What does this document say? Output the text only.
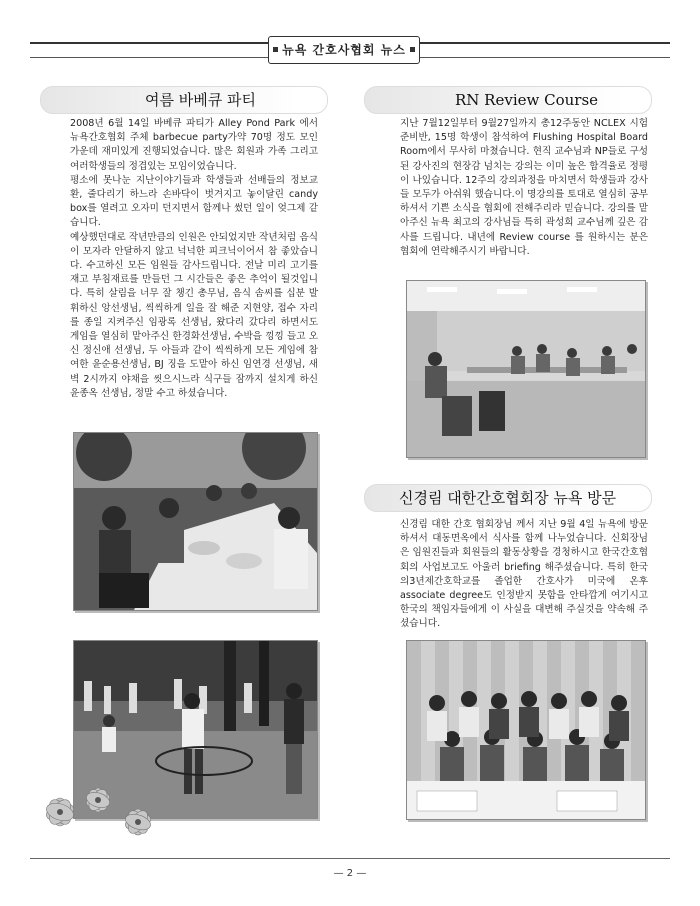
뉴욕 간호사협회 뉴스
여름 바베큐 파티

2008년 6월 14일 바베큐 파티가 Alley Pond Park 에서 뉴욕간호협회 주체 barbecue party가약 70명 정도 모인가운데 재미있게 진행되었습니다. 많은 회원과 가족 그리고 여러학생들의 정겹있는 모임이었습니다.

평소에 못나눈 지난이야기들과 학생들과 선배들의 정보교환, 줄다리기 하느라 손바닥이 벗겨지고 놓이달린 candy box를 열려고 오자미 던지면서 함께나 썼던 일이 엊그제 같습니다.

예상했던대로 작년만큼의 인원은 안되었지만 작년처럼 음식이 모자라 안달하지 않고 넉넉한 피크닉이어서 참 좋았습니다. 수고하신 모든 임원들 감사드립니다. 전날 미리 고기를 재고 부침재료를 만들던 그 시간들은 좋은 추억이 될것입니다. 특히 살림을 너무 잘 챙긴 총무님, 음식 솜씨를 십분 발휘하신 앙선생님, 씩씩하게 일을 잘 해준 지현양, 접수 자리를 종일 지켜주신 임광록 선생님, 왔다리 갔다리 하면서도 게임을 열심히 맡아주신 한경화선생님, 수박을 낑낑 들고 오신 정신애 선생님, 두 아들과 같이 씩씩하게 모든 게임에 참여한 윤순용선생님, BJ 징을 도맡아 하신 임연경 선생님, 새벽 2시까지 야채을 씻으시느라 식구들 잠까지 설치게 하신 윤종옥 선생님, 정말 수고 하셨습니다.

RN Review Course

지난 7월12일부터 9월27일까지 총12주동안 NCLEX 시험준비반, 15명 학생이 참석하여 Flushing Hospital Board Room에서 무사히 마쳤습니다. 현직 교수님과 NP들로 구성된 강사진의 현장감 넘치는 강의는 이미 높은 합격율로 정평이 나있습니다. 12주의 강의과정을 마치면서 학생들과 강사들 모두가 아쉬워 했습니다.이 명강의를 토대로 열심히 공부하셔서 기쁜 소식을 협회에 전해주리라 믿습니다. 강의를 맡아주신 뉴욕 최고의 강사님들 특히 곽성희 교수님께 깊은 감사를 드립니다. 내년에 Review course 를 원하시는 분은 협회에 연락해주시기 바랍니다.

신경림 대한간호협회장 뉴욕 방문

신경림 대한 간호 협회장님 께서 지난 9월 4일 뉴욕에 방문 하셔서 대동면옥에서 식사를 함께 나누었습니다. 신회장님은 임원진들과 회원들의 활동상황을 경청하시고 한국간호협회의 사업보고도 아울러 briefing 해주셨습니다. 특히 한국의3년제간호학교를 졸업한 간호사가 미국에 온후 associate degree도 인정받지 못함을 안타깝게 여기시고 한국의 책임자들에게 이 사실을 대변해 주실것을 약속해 주셨습니다.

— 2 —
